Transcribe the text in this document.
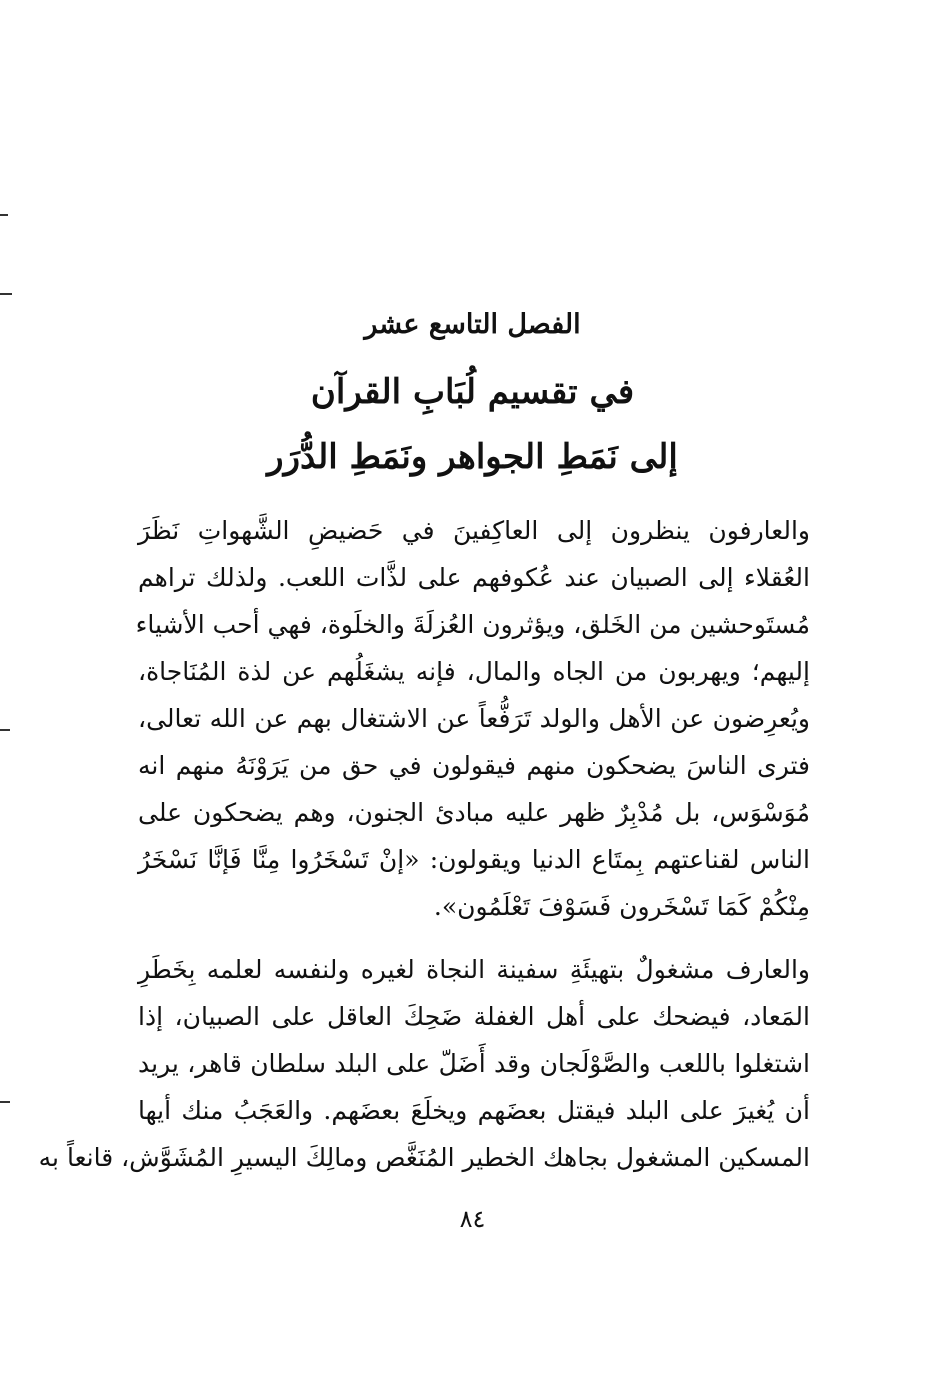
الفصل التاسع عشر
في تقسيم لُبَابِ القرآن
إلى نَمَطِ الجواهر ونَمَطِ الدُّرَر
والعارفون ينظرون إلى العاكِفينَ في حَضيضِ الشَّهواتِ نَظَرَ
العُقلاء إلى الصبيان عند عُكوفهم على لذَّات اللعب. ولذلك تراهم
مُستَوحشين من الخَلق، ويؤثرون العُزلَةَ والخلَوة، فهي أحب الأشياء
إليهم؛ ويهربون من الجاه والمال، فإنه يشغَلُهم عن لذة المُنَاجاة،
ويُعرِضون عن الأهل والولد تَرَفُّعاً عن الاشتغال بهم عن الله تعالى،
فترى الناسَ يضحكون منهم فيقولون في حق من يَرَوْنَهُ منهم انه
مُوَسْوَس، بل مُدْبِرٌ ظهر عليه مبادئ الجنون، وهم يضحكون على
الناس لقناعتهم بِمتَاع الدنيا ويقولون: «إنْ تَسْخَرُوا مِنَّا فَإنَّا نَسْخَرُ
مِنْكُمْ كَمَا تَسْخَرون فَسَوْفَ تَعْلَمُون».
والعارف مشغولٌ بتهيئَةِ سفينة النجاة لغيره ولنفسه لعلمه بِخَطَرِ
المَعاد، فيضحك على أهل الغفلة ضَحِكَ العاقل على الصبيان، إذا
اشتغلوا باللعب والصَّوْلَجان وقد أَضَلّ على البلد سلطان قاهر، يريد
أن يُغيرَ على البلد فيقتل بعضَهم ويخلَعَ بعضَهم. والعَجَبُ منك أيها
المسكين المشغول بجاهك الخطير المُنَغَّص ومالِكَ اليسيرِ المُشَوَّش، قانعاً به
٨٤
